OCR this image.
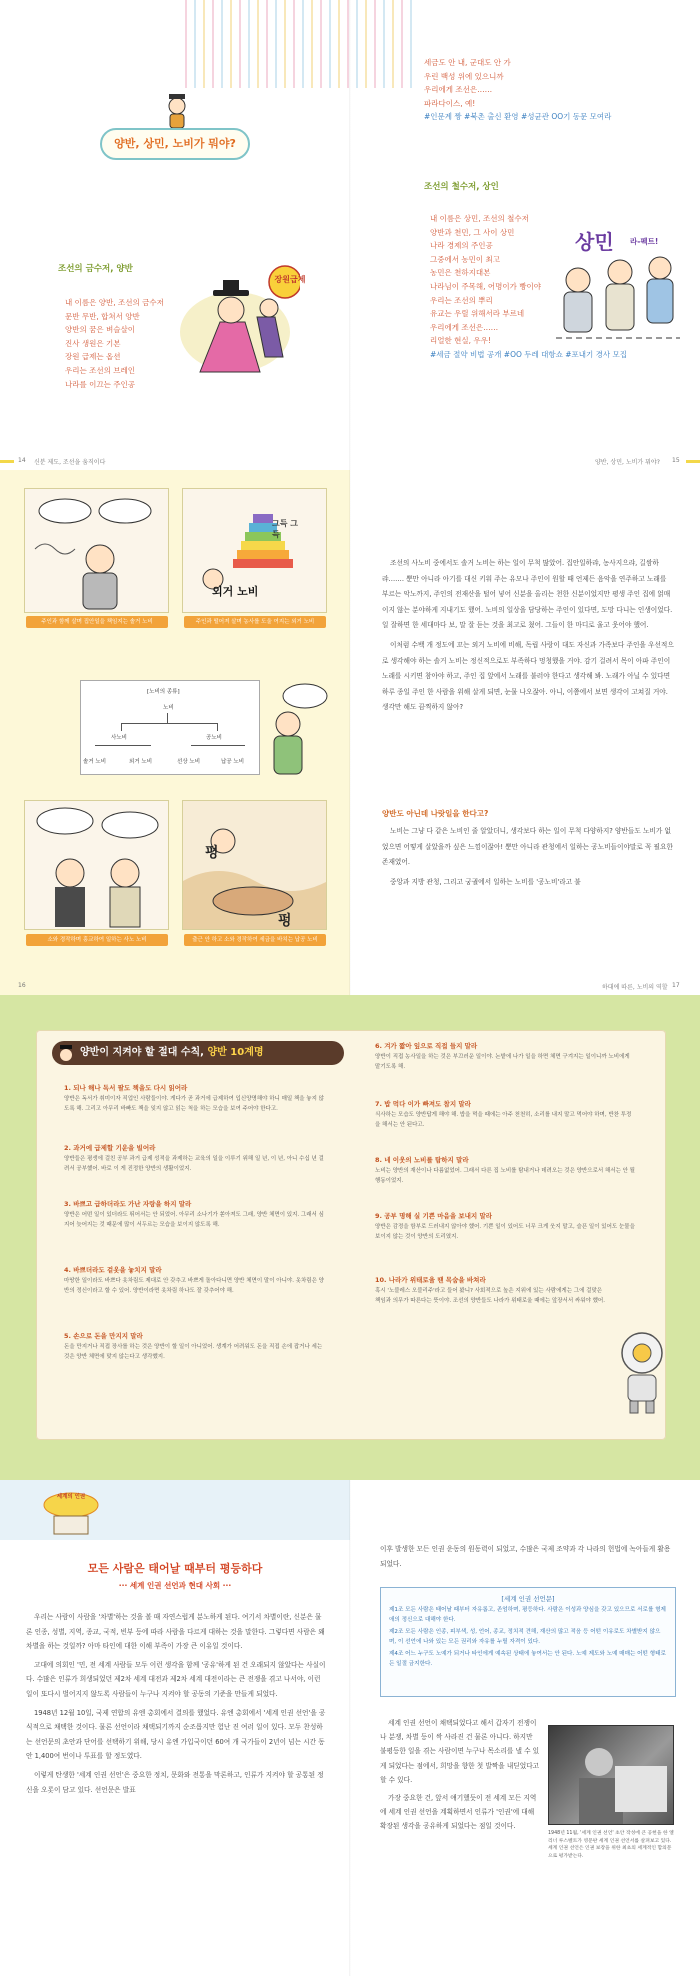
양반, 상민, 노비가 뭐야?
조선의 금수저, 양반
내 이름은 양반, 조선의 금수저
문반 무반, 합쳐서 양반
양반의 꿈은 벼슬살이
진사 생원은 기본
장원 급제는 옵션
우리는 조선의 브레인
나라를 이끄는 주인공
장원급제
세금도 안 내, 군대도 안 가
우린 백성 위에 있으니까
우리에게 조선은……
파라다이스, 예!
#인문계 짱 #북촌 출신 환영 #성균관 OO기 동문 모여라
조선의 철수저, 상인
내 이름은 상민, 조선의 철수저
양반과 천민, 그 사이 상민
나라 경제의 주인공
그중에서 농민이 최고
농민은 천하지대본
나라님이 주목해, 어명이가 빵이야
우리는 조선의 뿌리
유교는 우릴 위해서라 부르네
우리에게 조선은……
리얼한 현실, 우우!
#세금 절약 비법 공개 #OO 두레 대항쇼 #포내기 경사 모집
상민 라-펙트!
14 신분 제도, 조선을 움직이다	양반, 상민, 노비가 뭐야? 15
주인과 함께 살며 집안일을 책임지는 솔거 노비
그득 그득
외거 노비
주인과 떨어져 살며 농사를 도울 여지는 외거 노비
[노비의 종류]
노비
사노비	공노비
솔거 노비	외거 노비	선상 노비	납공 노비
소와 경작하며 흥교하여 일하는 사노 노비
평
펑
출근 안 하고 소와 경작하여 세금을 바치는 납공 노비

조선의 사노비 중에서도 솔거 노비는 하는 일이 무척 많았어. 집안일하랴, 농사지으랴, 길쌈하랴……. 뿐만 아니라 아기를 대신 키워 주는 유모나 주인이 원할 때 언제든 음악을 연주하고 노래를 부르는 악노까지, 주인의 전재산을 털어 넣어 신분을 올리는 천한 신분이었지만 평생 주인 집에 얽매이지 않는 분야하게 지내기도 했어. 노비의 일상을 담당하는 주인이 있다면, 도망 다니는 인생이었다. 일 잘하면 한 세대마다 보, 말 잘 듣는 것을 최고로 쳤어. 그들이 한 마디로 울고 웃어야 했어.

이처럼 수백 개 정도에 꼬는 외거 노비에 비해, 독립 사랑이 대도 자신과 가족보다 주인을 우선적으로 생각해야 하는 솔거 노비는 정신적으로도 부족하다 멍청했을 거야. 감기 걸려서 목이 아파 주인이 노래를 시키면 참아야 하고, 주인 집 앞에서 노래를 불러야 한다고 생각해 봐. 노래가 아닐 수 있다면 하루 종일 주인 한 사람을 위해 살게 되면, 눈물 나오잖아. 아니, 이쯤에서 보면 생각이 고쳐질 거야. 생각만 해도 끔찍하지 않아?

양반도 아닌데 나랏일을 한다고?

노비는 그냥 다 같은 노비인 줄 알았더니, 생각보다 하는 일이 무척 다양하지? 양반들도 노비가 없었으면 어떻게 살았을까 싶은 느낌이잖아! 뿐만 아니라 관청에서 일하는 공노비들이야말로 꼭 필요한 존재였어.

중앙과 지방 관청, 그리고 궁궐에서 일하는 노비를 '공노비'라고 불

16	하대에 따른, 노비의 역할 17
양반이 지켜야 할 절대 수칙, 양반 10계명
1. 되나 해나 독서 팔도 책을도 다시 읽어라

양반은 독서가 취미이자 직업인 사람들이야. 게다가 곧 과거에 급제하여 입신양명해야 하니 매일 책을 놓지 않도록 해. 그리고 아무리 바빠도 책을 잊지 않고 읽는 척을 하는 모습을 보여 주어야 한다고.

2. 과거에 급제할 기운을 빌어라

양반들은 평생에 걸친 공부 과거 급제 성적을 과제하는 교육의 일을 이루기 위해 일 년, 이 년, 아니 수십 년 걸려서 공부했어. 바로 이 게 진정한 양반의 생활이었지.

3. 바쁘고 급하더라도 가난 자랑을 하지 말라

양반은 어떤 일이 있더라도 뛰어서는 안 되었어. 아무리 소나기가 쏟아져도 그래, 양반 체면이 있지. 그래서 심지어 늦어지는 것 때문에 많이 서두르는 모습을 보이지 않도록 해.

4. 바쁘더라도 겉옷을 놓치지 말라

마땅한 일이라도 바쁘다 옷차림도 제대로 안 갖추고 바쁘게 돌아다니면 양반 체면이 말이 아니야. 옷차림은 양반의 정신이라고 할 수 있어. 양반이라면 옷차림 하나도 잘 갖추어야 해.

5. 손으로 돈을 만지지 말라

돈을 만지거나 직접 장사를 하는 것은 양반이 할 일이 아니었어. 생계가 어려워도 돈을 직접 손에 잡거나 세는 것은 양반 체면에 맞지 않는다고 생각했지.

6. 겨가 짧아 잎으로 직접 들지 말라

양반이 직접 농사일을 하는 것은 부끄러운 일이야. 논밭에 나가 일을 하면 체면 구겨지는 일이니까 노비에게 맡기도록 해.

7. 밥 먹다 이가 빠져도 참지 말라

식사하는 모습도 양반답게 해야 해. 밥을 먹을 때에는 아주 천천히, 소리를 내지 말고 먹어야 하며, 반찬 투정을 해서는 안 된다고.

8. 네 이웃의 노비를 탐하지 말라

노비는 양반의 재산이나 다름없었어. 그래서 다른 집 노비를 탐내거나 데려오는 것은 양반으로서 해서는 안 될 행동이었지.

9. 공부 명해 실 기쁜 마음을 보내지 말라

양반은 감정을 함부로 드러내지 않아야 했어. 기쁜 일이 있어도 너무 크게 웃지 말고, 슬픈 일이 있어도 눈물을 보이지 않는 것이 양반의 도리였지.

10. 나라가 위태로울 땐 목숨을 바쳐라

혹시 '노블레스 오블리주'라고 들어 봤니? 사회적으로 높은 지위에 있는 사람에게는 그에 걸맞은 책임과 의무가 따른다는 뜻이야. 조선의 양반들도 나라가 위태로울 때에는 앞장서서 싸워야 했어.

세계의 인권
모든 사람은 태어날 때부터 평등하다
··· 세계 인권 선언과 현대 사회 ···

우리는 사람이 사람을 '차별'하는 것을 볼 때 자연스럽게 분노하게 된다. 여기서 차별이란, 신분은 물론 인종, 성별, 지역, 종교, 국적, 빈부 등에 따라 사람을 다르게 대하는 것을 말한다. 그렇다면 사람은 왜 차별을 하는 것일까? 아마 타인에 대한 이해 부족이 가장 큰 이유일 것이다.

고대에 의회인 '민, 전 세계 사람들 모두 이런 생각을 함께 '공유'하게 된 건 오래되지 않았다는 사실이다. 수많은 인류가 희생되었던 제2차 세계 대전과 제2차 세계 대전이라는 큰 전쟁을 겪고 나서야, 이런 일이 또다시 벌어지지 않도록 사람들이 누구나 지켜야 할 공동의 기준을 만들게 되었다.

1948년 12월 10일, 국제 연합의 유엔 총회에서 결의를 했었다. 유엔 총회에서 '세계 인권 선언'을 공식적으로 채택한 것이다. 물론 선언이라 채택되기까지 순조롭지만 험난 진 여러 일이 있다. 모두 찬성하는 선언문의 초안과 단어를 선택하기 위해, 당시 유엔 가입국이던 60여 개 국가들이 2년이 넘는 시간 동안 1,400여 번이나 투표를 할 정도였다.

이렇게 탄생한 '세계 인권 선언'은 중요한 정치, 문화와 전통을 막론하고, 인류가 지켜야 할 공통된 정신을 오롯이 담고 있다. 선언문은 발표

이후 발생한 모든 인권 운동의 원동력이 되었고, 수많은 국제 조약과 각 나라의 헌법에 녹아들게 활용되었다.

[세계 인권 선언문]

제1조 모든 사람은 태어날 때부터 자유롭고, 존엄하며, 평등하다. 사람은 이성과 양심을 갖고 있으므로 서로를 형제애의 정신으로 대해야 한다.

제2조 모든 사람은 인종, 피부색, 성, 언어, 종교, 정치적 견해, 재산의 많고 적음 등 어떤 이유로도 차별받지 않으며, 이 선언에 나와 있는 모든 권리와 자유를 누릴 자격이 있다.

제4조 어느 누구도 노예가 되거나 타인에게 예속된 상태에 놓여서는 안 된다. 노예 제도와 노예 매매는 어떤 형태로든 일절 금지한다.

세계 인권 선언이 채택되었다고 해서 갑자기 전쟁이나 분쟁, 차별 등이 싹 사라진 건 물론 아니다. 하지만 불평등한 일을 겪는 사람이면 누구나 목소리를 낼 수 있게 되었다는 점에서, 희망을 향한 첫 발짝을 내딛었다고 할 수 있다.

가장 중요한 건, 앞서 얘기했듯이 전 세계 모든 지역에 세계 인권 선언을 계획하면서 인류가 '인권'에 대해 확장된 생각을 공유하게 되었다는 점일 것이다.

1948년 11월, '세계 인권 선언' 초안 작성에 큰 공헌을 한 엘리너 루스벨트가 영문판 세계 인권 선언서를 살펴보고 있다. 세계 인권 선언은 인권 보장을 위한 최초의 세계적인 합의문으로 평가받는다.
